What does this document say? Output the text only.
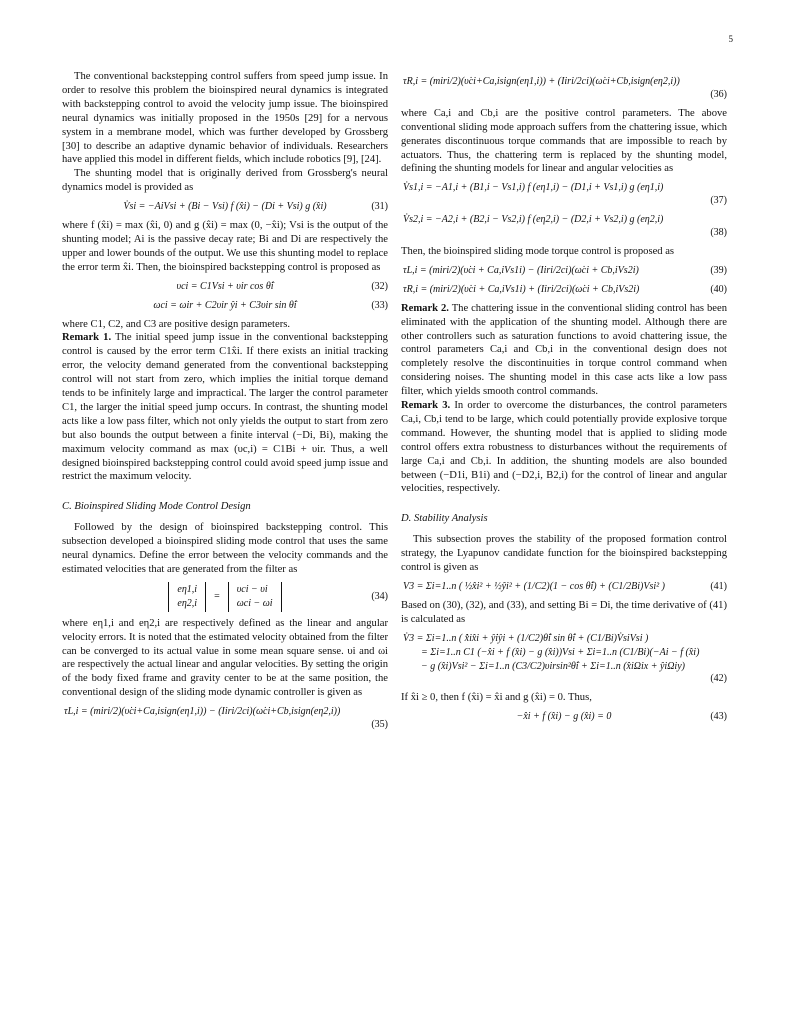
5

The conventional backstepping control suffers from speed jump issue. In order to resolve this problem the bioinspired neural dynamics is integrated with backstepping control to avoid the velocity jump issue. The bioinspired neural dynamics was initially proposed in the 1950s [29] for a nervous system in a membrane model, which was further developed by Grossberg [30] to describe an adaptive dynamic behavior of individuals. Researchers have applied this model in different fields, which include robotics [9], [24].

The shunting model that is originally derived from Grossberg's neural dynamics model is provided as

V̇si = −AiVsi + (Bi − Vsi) f (x̂i) − (Di + Vsi) g (x̂i)	(31)

where f (x̂i) = max (x̂i, 0) and g (x̂i) = max (0, −x̂i); Vsi is the output of the shunting model; Ai is the passive decay rate; Bi and Di are respectively the upper and lower bounds of the output. We use this shunting model to replace the error term x̂i. Then, the bioinspired backstepping control is proposed as

υci = C1Vsi + υir cos θ̂i	(32)
ωci = ωir + C2υir ŷi + C3υir sin θ̂i	(33)

where C1, C2, and C3 are positive design parameters.

Remark 1. The initial speed jump issue in the conventional backstepping control is caused by the error term C1x̂i. If there exists an initial tracking error, the velocity demand generated from the conventional backstepping control will not start from zero, which implies the initial torque demand tends to be infinitely large and impractical. The larger the control parameter C1, the larger the initial speed jump occurs. In contrast, the shunting model acts like a low pass filter, which not only yields the output to start from zero but also bounds the output between a finite interval (−Di, Bi), making the maximum velocity command as max (υc,i) = C1Bi + υir. Thus, a well designed bioinspired backstepping control could avoid speed jump issue and restrict the maximum velocity.

C. Bioinspired Sliding Mode Control Design

Followed by the design of bioinspired backstepping control. This subsection developed a bioinspired sliding mode control that uses the same neural dynamics. Define the error between the velocity commands and the estimated velocities that are generated from the filter as

eη1,i
eη2,i
=
υci − υi
ωci − ωi
(34)

where eη1,i and eη2,i are respectively defined as the linear and angular velocity errors. It is noted that the estimated velocity obtained from the filter can be converged to its actual value in some mean square sense. υi and ωi are respectively the actual linear and angular velocities. By setting the origin of the body fixed frame and gravity center to be at the same position, the conventional design of the sliding mode dynamic controller is given as

τL,i = (miri/2)(υ̇ci+Ca,isign(eη1,i)) − (Iiri/2ci)(ω̇ci+Cb,isign(eη2,i))
(35)
τR,i = (miri/2)(υ̇ci+Ca,isign(eη1,i)) + (Iiri/2ci)(ω̇ci+Cb,isign(eη2,i))
(36)

where Ca,i and Cb,i are the positive control parameters. The above conventional sliding mode approach suffers from the chattering issue, which generates discontinuous torque commands that are impossible to reach by actuators. Thus, the chattering term is replaced by the shunting model, defining the shunting models for linear and angular velocities as

V̇s1,i = −A1,i + (B1,i − Vs1,i) f (eη1,i) − (D1,i + Vs1,i) g (eη1,i)
(37)
V̇s2,i = −A2,i + (B2,i − Vs2,i) f (eη2,i) − (D2,i + Vs2,i) g (eη2,i)
(38)

Then, the bioinspired sliding mode torque control is proposed as

τL,i = (miri/2)(υ̇ci + Ca,iVs1i) − (Iiri/2ci)(ω̇ci + Cb,iVs2i)	(39)
τR,i = (miri/2)(υ̇ci + Ca,iVs1i) + (Iiri/2ci)(ω̇ci + Cb,iVs2i)	(40)

Remark 2. The chattering issue in the conventional sliding control has been eliminated with the application of the shunting model. Although there are other controllers such as saturation functions to avoid chattering issue, the control parameters Ca,i and Cb,i in the conventional design does not completely resolve the discontinuities in torque control command when considering noises. The shunting model in this case acts like a low pass filter, which yields smooth control commands.

Remark 3. In order to overcome the disturbances, the control parameters Ca,i, Cb,i tend to be large, which could potentially provide explosive torque command. However, the shunting model that is applied to sliding mode control offers extra robustness to disturbances without the requirements of large Ca,i and Cb,i. In addition, the shunting models are also bounded between (−D1i, B1i) and (−D2,i, B2,i) for the control of linear and angular velocities, respectively.

D. Stability Analysis

This subsection proves the stability of the proposed formation control strategy, the Lyapunov candidate function for the bioinspired backstepping control is given as

V3 = Σi=1..n ( ½x̂i² + ½ŷi² + (1/C2)(1 − cos θ̂i) + (C1/2Bi)Vsi² )	(41)

Based on (30), (32), and (33), and setting Bi = Di, the time derivative of (41) is calculated as

V̇3 = Σi=1..n ( x̂̇ix̂i + ŷ̇iŷi + (1/C2)θ̂̇i sin θ̂i + (C1/Bi)V̇siVsi )
= Σi=1..n C1 (−x̂i + f (x̂i) − g (x̂i))Vsi + Σi=1..n (C1/Bi)(−Ai − f (x̂i)
− g (x̂i)Vsi² − Σi=1..n (C3/C2)υirsin²θ̂i + Σi=1..n (x̂iΩix + ŷiΩiy)
(42)

If x̂i ≥ 0, then f (x̂i) = x̂i and g (x̂i) = 0. Thus,

−x̂i + f (x̂i) − g (x̂i) = 0	(43)
